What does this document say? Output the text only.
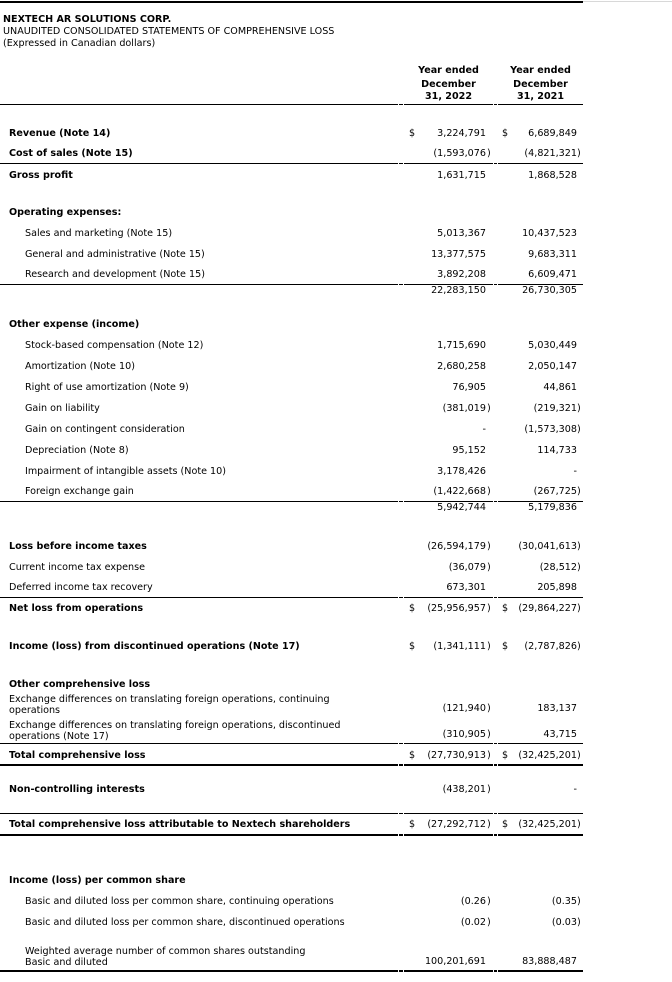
NEXTECH AR SOLUTIONS CORP.
UNAUDITED CONSOLIDATED STATEMENTS OF COMPREHENSIVE LOSS
(Expressed in Canadian dollars)
Year ended
December
31, 2022
Year ended
December
31, 2021
Revenue (Note 14)	$	3,224,791 $	6,689,849
Cost of sales (Note 15)	(1,593,076 )	(4,821,321 )
Gross profit	1,631,715	1,868,528
Operating expenses:
Sales and marketing (Note 15)	5,013,367	10,437,523
General and administrative (Note 15)	13,377,575	9,683,311
Research and development (Note 15)	3,892,208	6,609,471
22,283,150	26,730,305
Other expense (income)
Stock-based compensation (Note 12)	1,715,690	5,030,449
Amortization (Note 10)	2,680,258	2,050,147
Right of use amortization (Note 9)	76,905	44,861
Gain on liability	(381,019 )	(219,321 )
Gain on contingent consideration	-	(1,573,308 )
Depreciation (Note 8)	95,152	114,733
Impairment of intangible assets (Note 10)	3,178,426	-
Foreign exchange gain	(1,422,668 )	(267,725 )
5,942,744	5,179,836
Loss before income taxes	(26,594,179 )	(30,041,613 )
Current income tax expense	(36,079 )	(28,512 )
Deferred income tax recovery	673,301	205,898
Net loss from operations	$	(25,956,957 ) $	(29,864,227 )
Income (loss) from discontinued operations (Note 17)	$	(1,341,111 ) $	(2,787,826 )
Other comprehensive loss
Exchange differences on translating foreign operations, continuing operations	(121,940 )	183,137
Exchange differences on translating foreign operations, discontinued operations (Note 17)	(310,905 )	43,715
Total comprehensive loss	$	(27,730,913 ) $	(32,425,201 )
Non-controlling interests	(438,201 )	-
Total comprehensive loss attributable to Nextech shareholders	$	(27,292,712 ) $	(32,425,201 )
Income (loss) per common share
Basic and diluted loss per common share, continuing operations	(0.26 )	(0.35 )
Basic and diluted loss per common share, discontinued operations	(0.02 )	(0.03 )
Weighted average number of common shares outstanding
Basic and diluted	100,201,691	83,888,487
